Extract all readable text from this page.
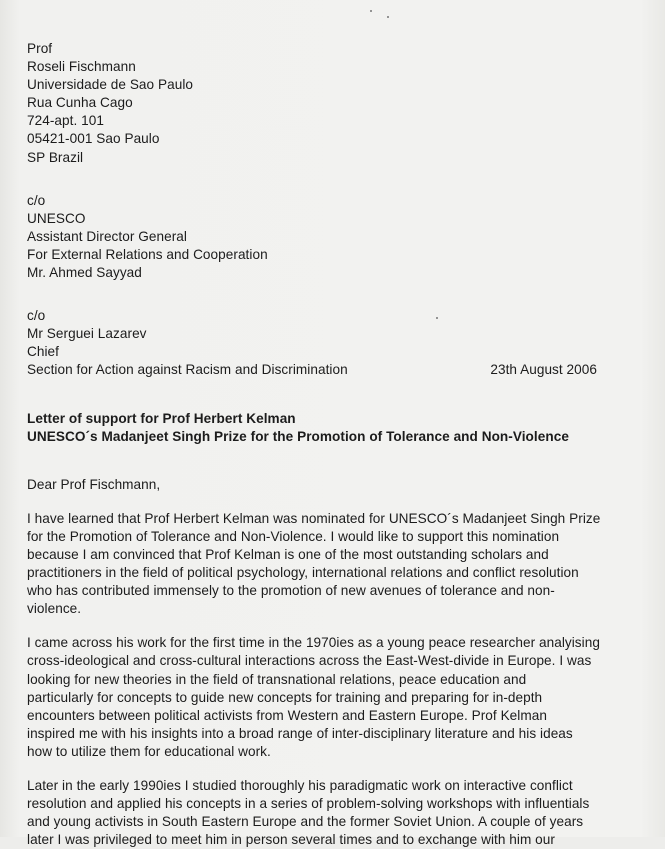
Prof
Roseli Fischmann
Universidade de Sao Paulo
Rua Cunha Cago
724-apt. 101
05421-001 Sao Paulo
SP Brazil
c/o
UNESCO
Assistant Director General
For External Relations and Cooperation
Mr. Ahmed Sayyad
c/o
Mr Serguei Lazarev
Chief
Section for Action against Racism and Discrimination	23th August 2006
Letter of support for Prof Herbert Kelman
UNESCO´s Madanjeet Singh Prize for the Promotion of Tolerance and Non-Violence
Dear Prof Fischmann,
I have learned that Prof Herbert Kelman was nominated for UNESCO´s Madanjeet Singh Prize
for the Promotion of Tolerance and Non-Violence. I would like to support this nomination
because I am convinced that Prof Kelman is one of the most outstanding scholars and
practitioners in the field of political psychology, international relations and conflict resolution
who has contributed immensely to the promotion of new avenues of tolerance and non-
violence.
I came across his work for the first time in the 1970ies as a young peace researcher analyising
cross-ideological and cross-cultural interactions across the East-West-divide in Europe. I was
looking for new theories in the field of transnational relations, peace education and
particularly for concepts to guide new concepts for training and preparing for in-depth
encounters between political activists from Western and Eastern Europe. Prof Kelman
inspired me with his insights into a broad range of inter-disciplinary literature and his ideas
how to utilize them for educational work.
Later in the early 1990ies I studied thoroughly his paradigmatic work on interactive conflict
resolution and applied his concepts in a series of problem-solving workshops with influentials
and young activists in South Eastern Europe and the former Soviet Union. A couple of years
later I was privileged to meet him in person several times and to exchange with him our
